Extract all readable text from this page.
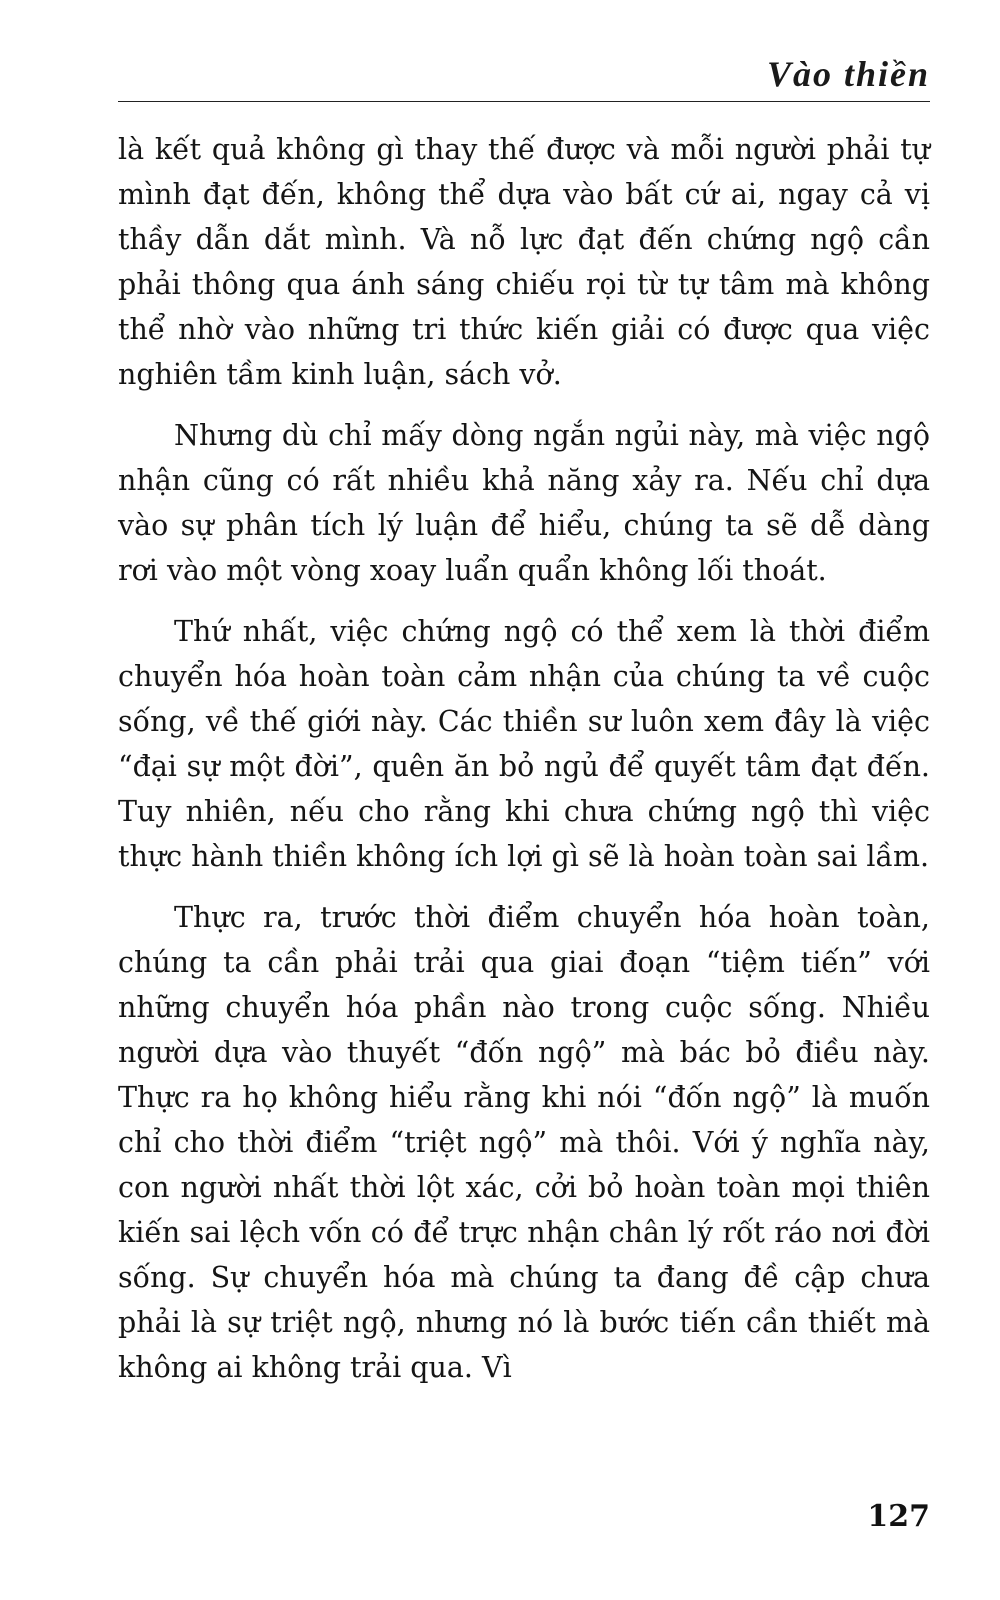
Vào thiền

là kết quả không gì thay thế được và mỗi người phải tự mình đạt đến, không thể dựa vào bất cứ ai, ngay cả vị thầy dẫn dắt mình. Và nỗ lực đạt đến chứng ngộ cần phải thông qua ánh sáng chiếu rọi từ tự tâm mà không thể nhờ vào những tri thức kiến giải có được qua việc nghiên tầm kinh luận, sách vở.

Nhưng dù chỉ mấy dòng ngắn ngủi này, mà việc ngộ nhận cũng có rất nhiều khả năng xảy ra. Nếu chỉ dựa vào sự phân tích lý luận để hiểu, chúng ta sẽ dễ dàng rơi vào một vòng xoay luẩn quẩn không lối thoát.

Thứ nhất, việc chứng ngộ có thể xem là thời điểm chuyển hóa hoàn toàn cảm nhận của chúng ta về cuộc sống, về thế giới này. Các thiền sư luôn xem đây là việc “đại sự một đời”, quên ăn bỏ ngủ để quyết tâm đạt đến. Tuy nhiên, nếu cho rằng khi chưa chứng ngộ thì việc thực hành thiền không ích lợi gì sẽ là hoàn toàn sai lầm.

Thực ra, trước thời điểm chuyển hóa hoàn toàn, chúng ta cần phải trải qua giai đoạn “tiệm tiến” với những chuyển hóa phần nào trong cuộc sống. Nhiều người dựa vào thuyết “đốn ngộ” mà bác bỏ điều này. Thực ra họ không hiểu rằng khi nói “đốn ngộ” là muốn chỉ cho thời điểm “triệt ngộ” mà thôi. Với ý nghĩa này, con người nhất thời lột xác, cởi bỏ hoàn toàn mọi thiên kiến sai lệch vốn có để trực nhận chân lý rốt ráo nơi đời sống. Sự chuyển hóa mà chúng ta đang đề cập chưa phải là sự triệt ngộ, nhưng nó là bước tiến cần thiết mà không ai không trải qua. Vì

127
